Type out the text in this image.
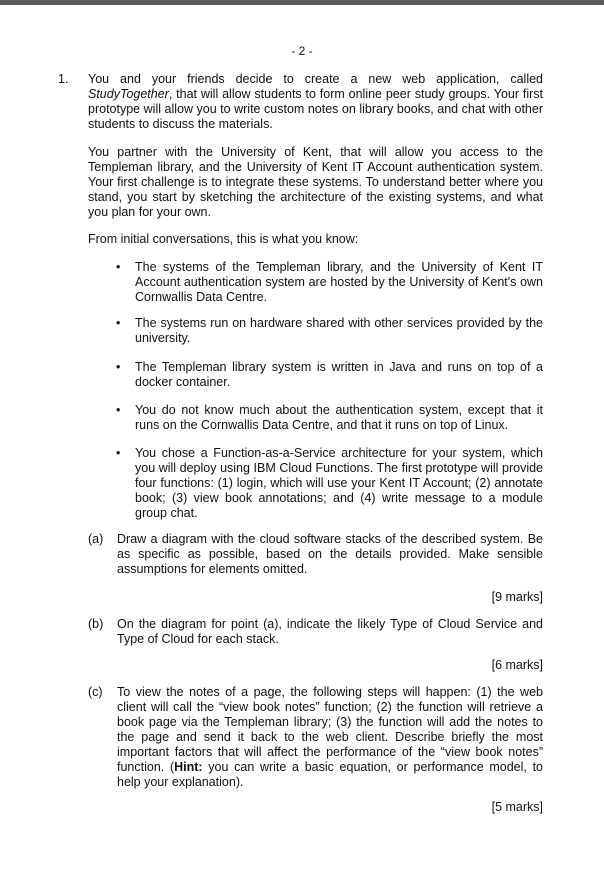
- 2 -
1. You and your friends decide to create a new web application, called StudyTogether, that will allow students to form online peer study groups. Your first prototype will allow you to write custom notes on library books, and chat with other students to discuss the materials.

You partner with the University of Kent, that will allow you access to the Templeman library, and the University of Kent IT Account authentication system. Your first challenge is to integrate these systems. To understand better where you stand, you start by sketching the architecture of the existing systems, and what you plan for your own.

From initial conversations, this is what you know:

• The systems of the Templeman library, and the University of Kent IT Account authentication system are hosted by the University of Kent's own Cornwallis Data Centre.

• The systems run on hardware shared with other services provided by the university.

• The Templeman library system is written in Java and runs on top of a docker container.

• You do not know much about the authentication system, except that it runs on the Cornwallis Data Centre, and that it runs on top of Linux.

• You chose a Function-as-a-Service architecture for your system, which you will deploy using IBM Cloud Functions. The first prototype will provide four functions: (1) login, which will use your Kent IT Account; (2) annotate book; (3) view book annotations; and (4) write message to a module group chat.

(a) Draw a diagram with the cloud software stacks of the described system. Be as specific as possible, based on the details provided. Make sensible assumptions for elements omitted.

[9 marks]
(b) On the diagram for point (a), indicate the likely Type of Cloud Service and Type of Cloud for each stack.

[6 marks]
(c) To view the notes of a page, the following steps will happen: (1) the web client will call the “view book notes” function; (2) the function will retrieve a book page via the Templeman library; (3) the function will add the notes to the page and send it back to the web client. Describe briefly the most important factors that will affect the performance of the “view book notes” function. (Hint: you can write a basic equation, or performance model, to help your explanation).

[5 marks]
